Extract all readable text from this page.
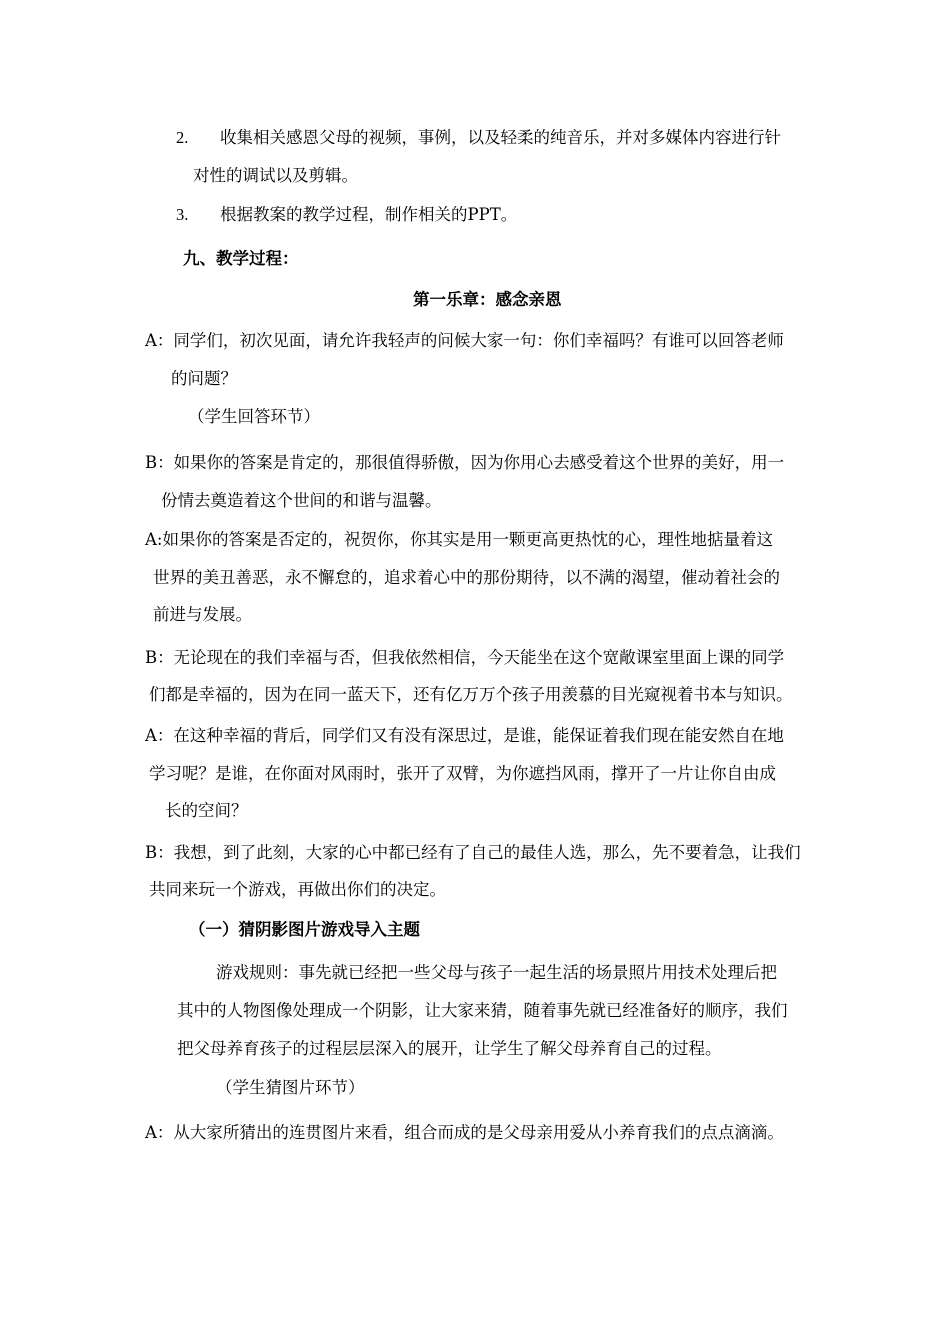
2. 收集相关感恩父母的视频，事例，以及轻柔的纯音乐，并对多媒体内容进行针
对性的调试以及剪辑。
3. 根据教案的教学过程，制作相关的PPT。
九、教学过程：
第一乐章：感念亲恩
A：同学们，初次见面，请允许我轻声的问候大家一句：你们幸福吗？有谁可以回答老师
的问题？
（学生回答环节）
B：如果你的答案是肯定的，那很值得骄傲，因为你用心去感受着这个世界的美好，用一
份情去奠造着这个世间的和谐与温馨。
A:如果你的答案是否定的，祝贺你，你其实是用一颗更高更热忱的心，理性地掂量着这
世界的美丑善恶，永不懈怠的，追求着心中的那份期待，以不满的渴望，催动着社会的
前进与发展。
B：无论现在的我们幸福与否，但我依然相信，今天能坐在这个宽敞课室里面上课的同学
们都是幸福的，因为在同一蓝天下，还有亿万万个孩子用羡慕的目光窥视着书本与知识。
A：在这种幸福的背后，同学们又有没有深思过，是谁，能保证着我们现在能安然自在地
学习呢？是谁，在你面对风雨时，张开了双臂，为你遮挡风雨，撑开了一片让你自由成
长的空间？
B：我想，到了此刻，大家的心中都已经有了自己的最佳人选，那么，先不要着急，让我们
共同来玩一个游戏，再做出你们的决定。
（一）猜阴影图片游戏导入主题
游戏规则：事先就已经把一些父母与孩子一起生活的场景照片用技术处理后把
其中的人物图像处理成一个阴影，让大家来猜，随着事先就已经准备好的顺序，我们
把父母养育孩子的过程层层深入的展开，让学生了解父母养育自己的过程。
（学生猜图片环节）
A：从大家所猜出的连贯图片来看，组合而成的是父母亲用爱从小养育我们的点点滴滴。
